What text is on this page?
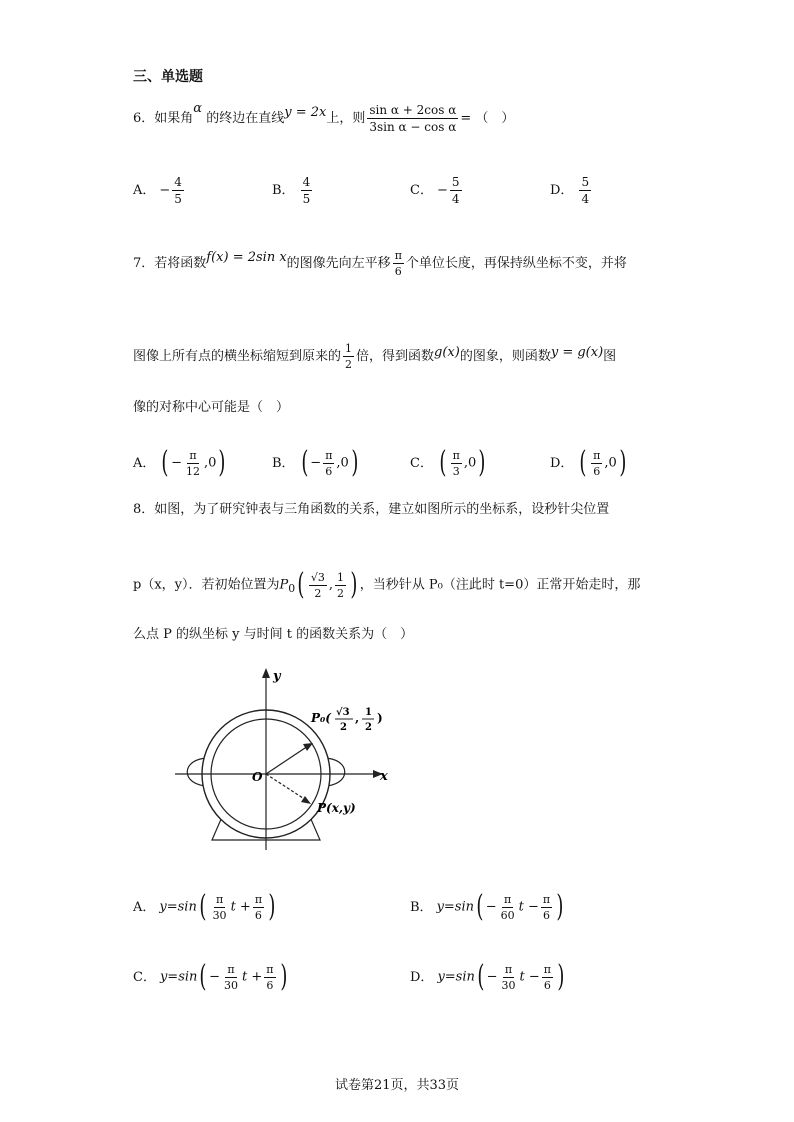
三、单选题
6．如果角α 的终边在直线y = 2x上，则 $\frac{\text{sin α + 2cos α}}{\text{3sin α − cos α}}$ = （　）
A． − $\frac{4}{5}$	B． $\frac{4}{5}$	C． − $\frac{5}{4}$	D． $\frac{5}{4}$
7．若将函数f(x) = 2sin x的图像先向左平移 $\frac{\pi}{6}$ 个单位长度，再保持纵坐标不变，并将
图像上所有点的横坐标缩短到原来的 $\frac{1}{2}$ 倍，得到函数g(x)的图象，则函数y = g(x)图
像的对称中心可能是（　）
A． ( − $\frac{\pi}{12} ,0$)	B． ( − $\frac{\pi}{6} ,0$)	C． ( $\frac{\pi}{3} ,0$)	D． ( $\frac{\pi}{6} ,0$)
8．如图，为了研究钟表与三角函数的关系，建立如图所示的坐标系，设秒针尖位置
p（x，y）．若初始位置为$P_0( \frac{√3}{2}$ , $\frac{1}{2}$ ) ，当秒针从 P₀（注此时 t=0）正常开始走时，那
么点 P 的纵坐标 y 与时间 t 的函数关系为（　）
y
x
O
P₀( √3
2
, 1
2
)
P(x,y)
A． $y=\sin( \frac{\pi}{30}$ $t + \frac{\pi}{6}$ )	B． $y=\sin( - \frac{\pi}{60}$ $t - \frac{\pi}{6}$ )
C． $y=\sin( - \frac{\pi}{30}$ $t + \frac{\pi}{6}$ )	D． $y=\sin( - \frac{\pi}{30}$ $t - \frac{\pi}{6}$ )
试卷第21页，共33页
